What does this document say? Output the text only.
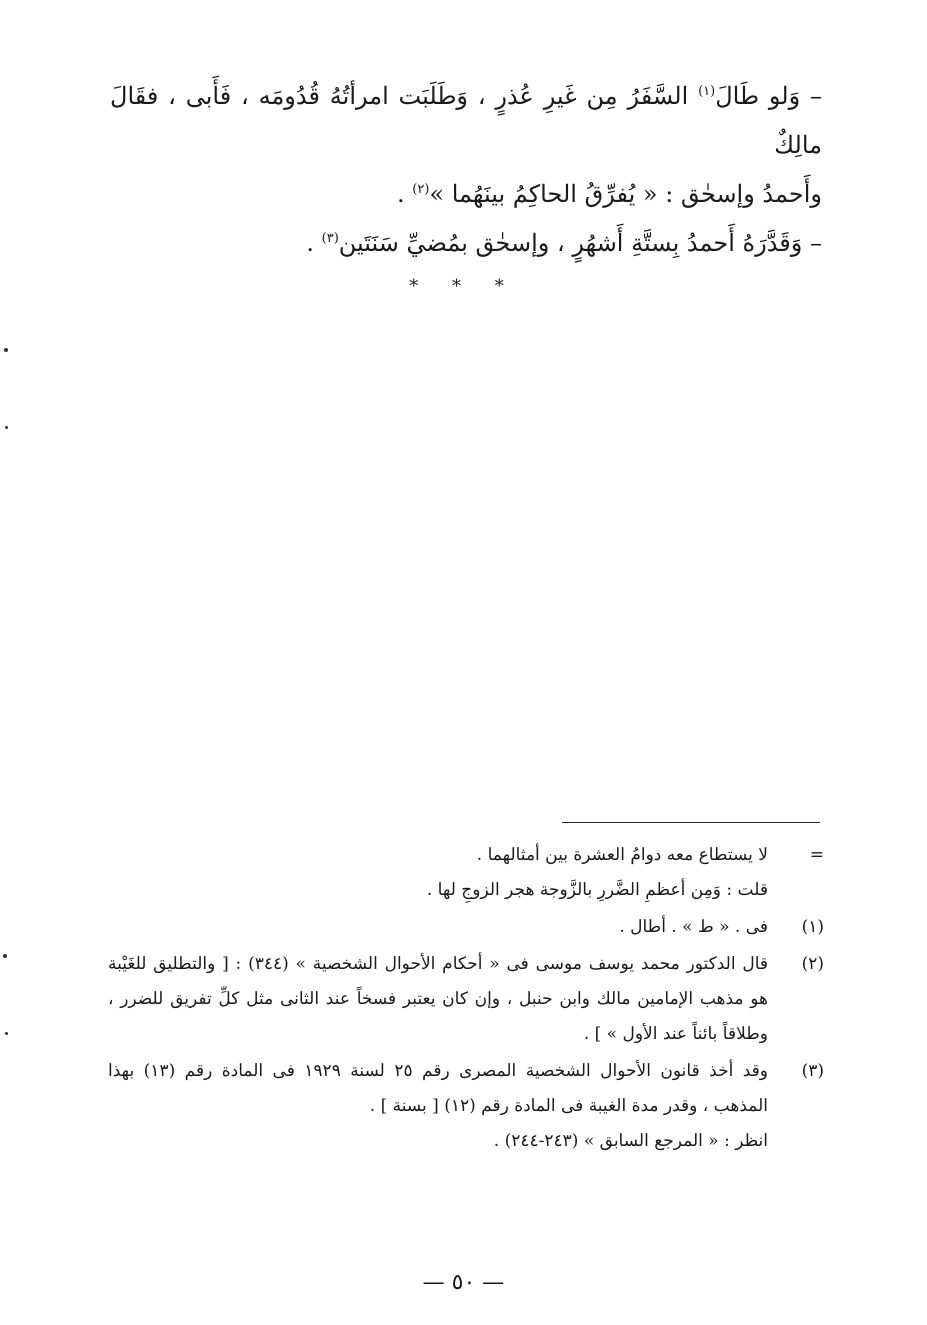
– وَلو طَالَ$^{(١)}$ السَّفَرُ مِن غَيرِ عُذرٍ ، وَطَلَبَت امرأتُهُ قُدُومَه ، فَأَبى ، فقَالَ مالِكٌ

وأَحمدُ وإسحٰق : « يُفرِّقُ الحاكِمُ بينَهُما »$^{(٢)}$ .

– وَقَدَّرَهُ أَحمدُ بِستَّةِ أَشهُرٍ ، وإسحٰق بمُضيِّ سَنَتَين$^{(٣)}$ .

* * *
=

لا يستطاع معه دوامُ العشرة بين أمثالهما .

قلت : وَمِن أعظمِ الضَّررِ بالزَّوجة هجر الزوجِ لها .

(١)

فى . « ط » . أطال .

(٢)

قال الدكتور محمد يوسف موسى فى « أحكام الأحوال الشخصية » (٣٤٤) : [ والتطليق للغَيْبة هو مذهب الإمامين مالك وابن حنبل ، وإن كان يعتبر فسخاً عند الثانى مثل كلِّ تفريق للضرر ، وطلاقاً بائناً عند الأول » ] .

(٣)

وقد أخذ قانون الأحوال الشخصية المصرى رقم ٢٥ لسنة ١٩٢٩ فى المادة رقم (١٣) بهذا المذهب ، وقدر مدة الغيبة فى المادة رقم (١٢) [ بسنة ] .

انظر : « المرجع السابق » (٢٤٣-٢٤٤) .

— ٥٠ —
